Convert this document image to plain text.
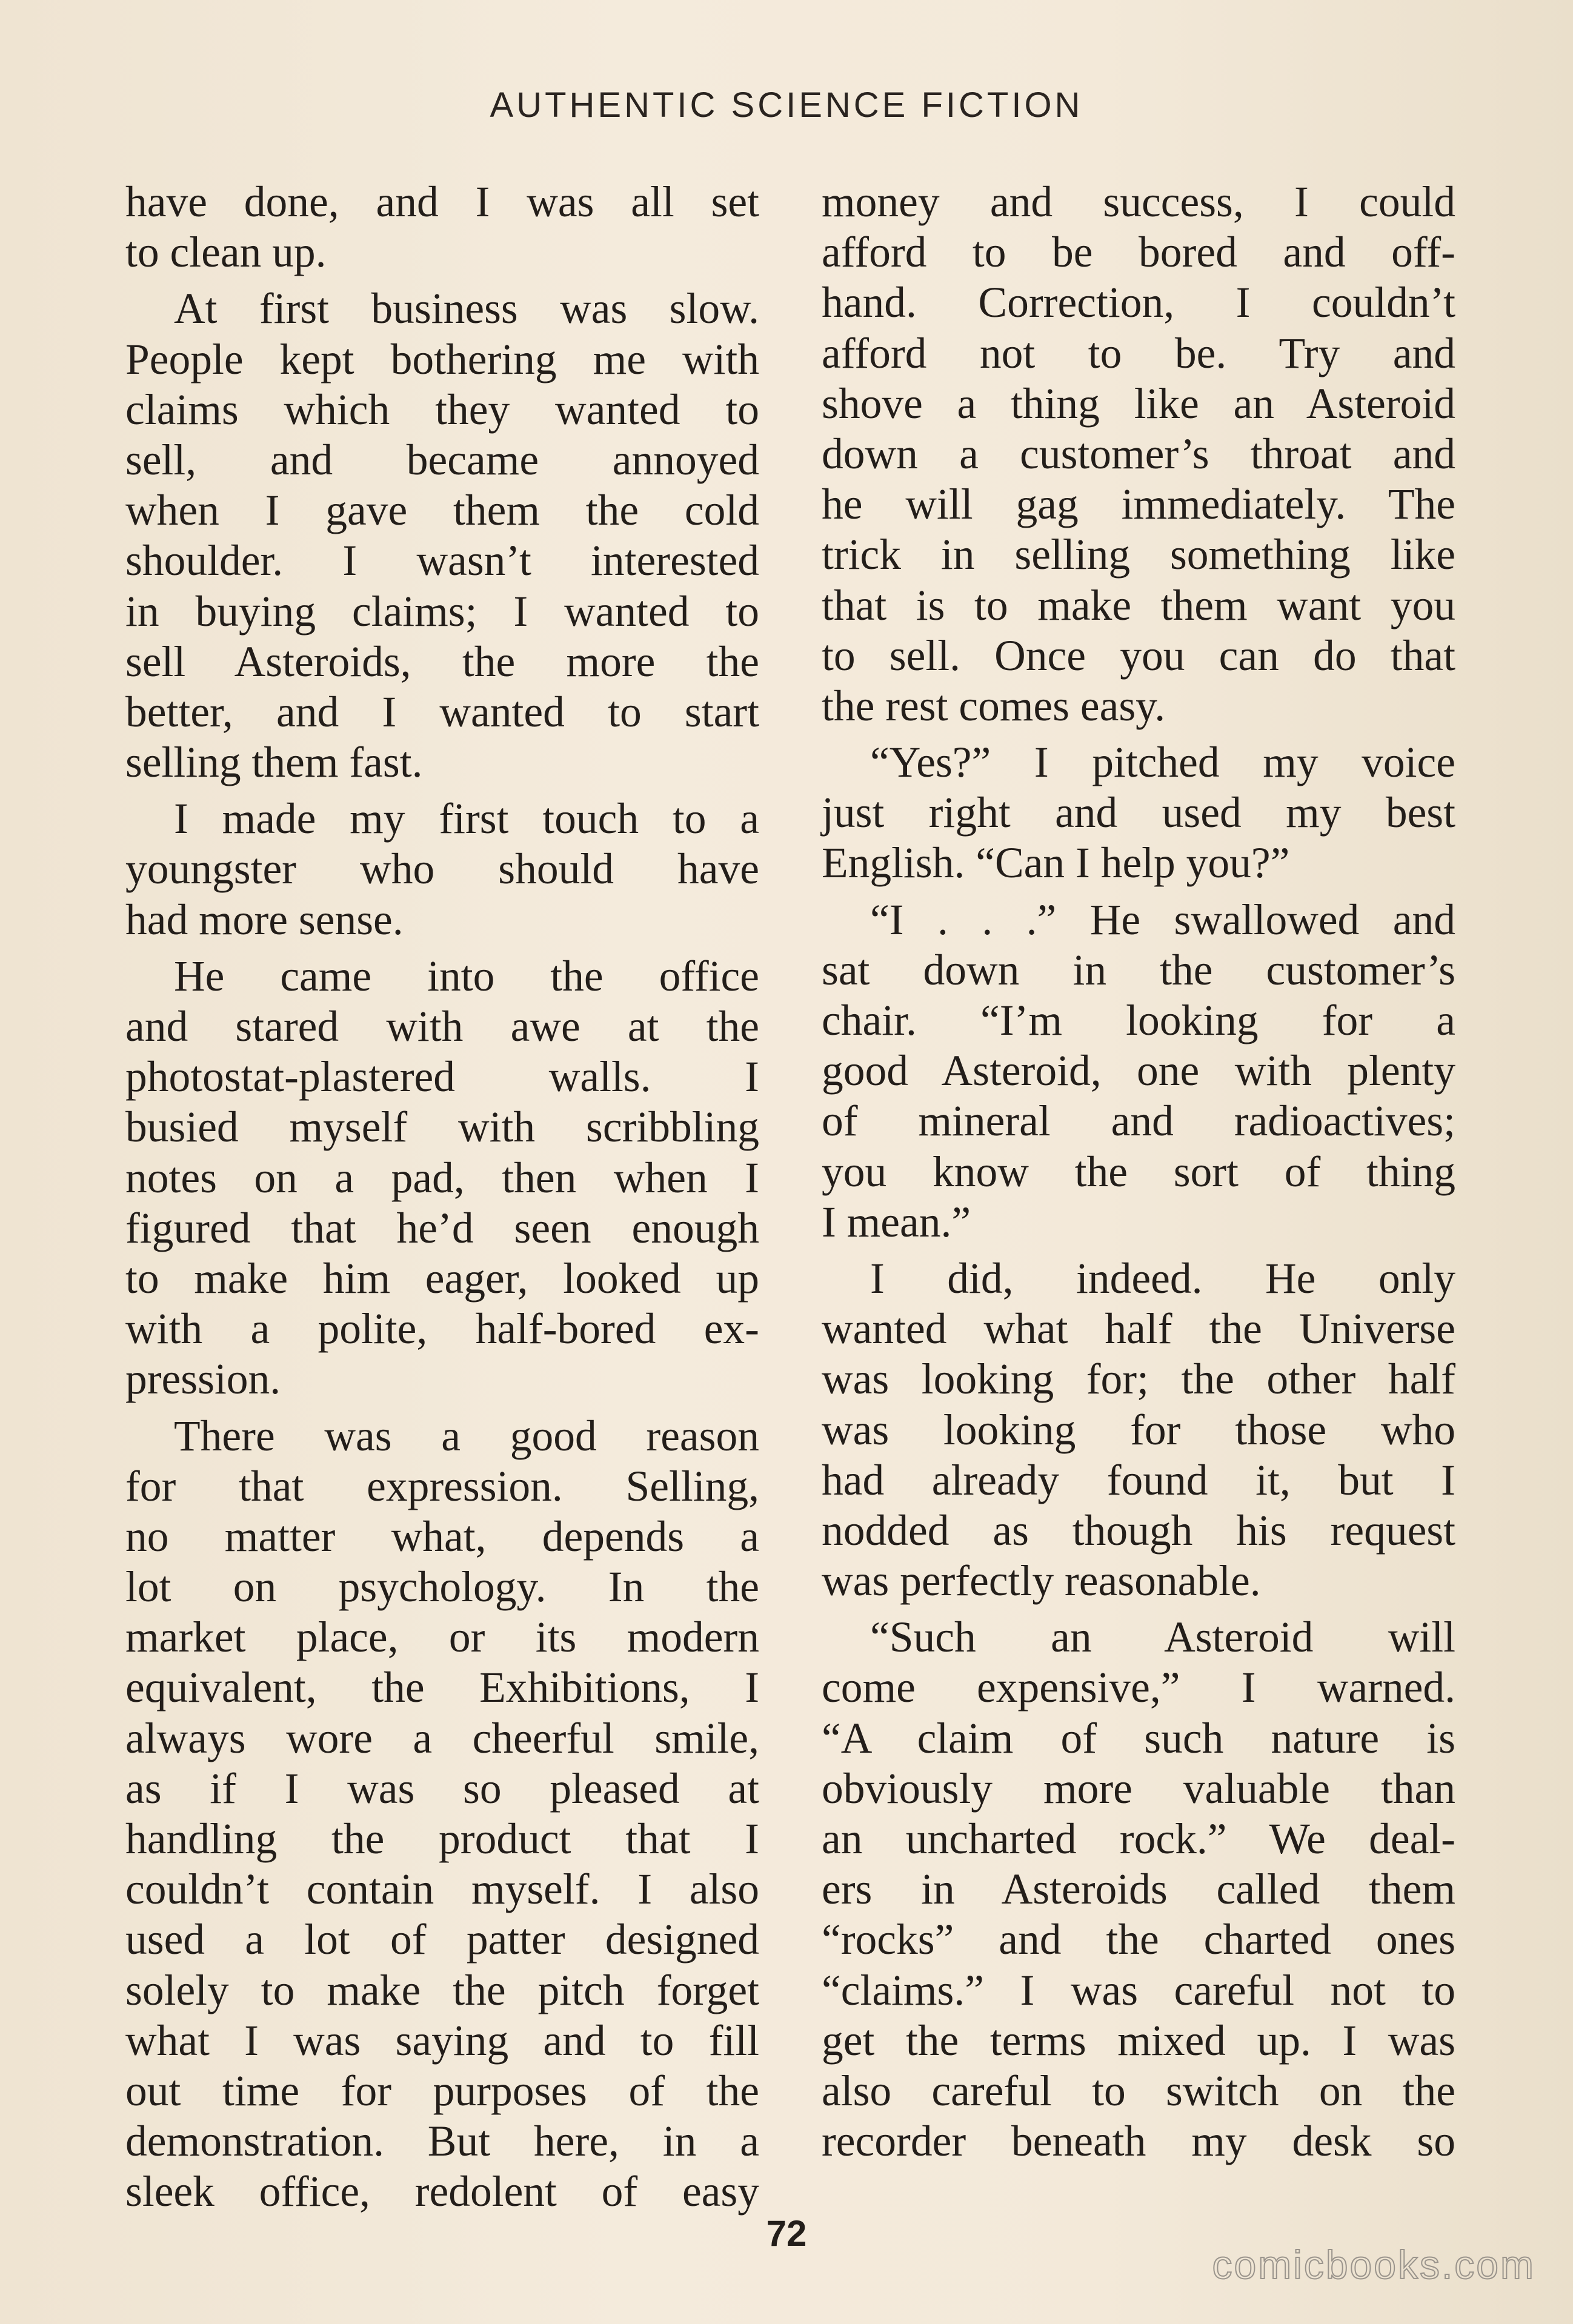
AUTHENTIC SCIENCE FICTION
have done, and I was all set
to clean up.
At first business was slow.
People kept bothering me with
claims which they wanted to
sell, and became annoyed
when I gave them the cold
shoulder. I wasn’t interested
in buying claims; I wanted to
sell Asteroids, the more the
better, and I wanted to start
selling them fast.
I made my first touch to a
youngster who should have
had more sense.
He came into the office
and stared with awe at the
photostat-plastered walls. I
busied myself with scribbling
notes on a pad, then when I
figured that he’d seen enough
to make him eager, looked up
with a polite, half-bored ex-
pression.
There was a good reason
for that expression. Selling,
no matter what, depends a
lot on psychology. In the
market place, or its modern
equivalent, the Exhibitions, I
always wore a cheerful smile,
as if I was so pleased at
handling the product that I
couldn’t contain myself. I also
used a lot of patter designed
solely to make the pitch forget
what I was saying and to fill
out time for purposes of the
demonstration. But here, in a
sleek office, redolent of easy
money and success, I could
afford to be bored and off-
hand. Correction, I couldn’t
afford not to be. Try and
shove a thing like an Asteroid
down a customer’s throat and
he will gag immediately. The
trick in selling something like
that is to make them want you
to sell. Once you can do that
the rest comes easy.
“Yes?” I pitched my voice
just right and used my best
English. “Can I help you?”
“I . . .” He swallowed and
sat down in the customer’s
chair. “I’m looking for a
good Asteroid, one with plenty
of mineral and radioactives;
you know the sort of thing
I mean.”
I did, indeed. He only
wanted what half the Universe
was looking for; the other half
was looking for those who
had already found it, but I
nodded as though his request
was perfectly reasonable.
“Such an Asteroid will
come expensive,” I warned.
“A claim of such nature is
obviously more valuable than
an uncharted rock.” We deal-
ers in Asteroids called them
“rocks” and the charted ones
“claims.” I was careful not to
get the terms mixed up. I was
also careful to switch on the
recorder beneath my desk so
72
comicbooks.com
